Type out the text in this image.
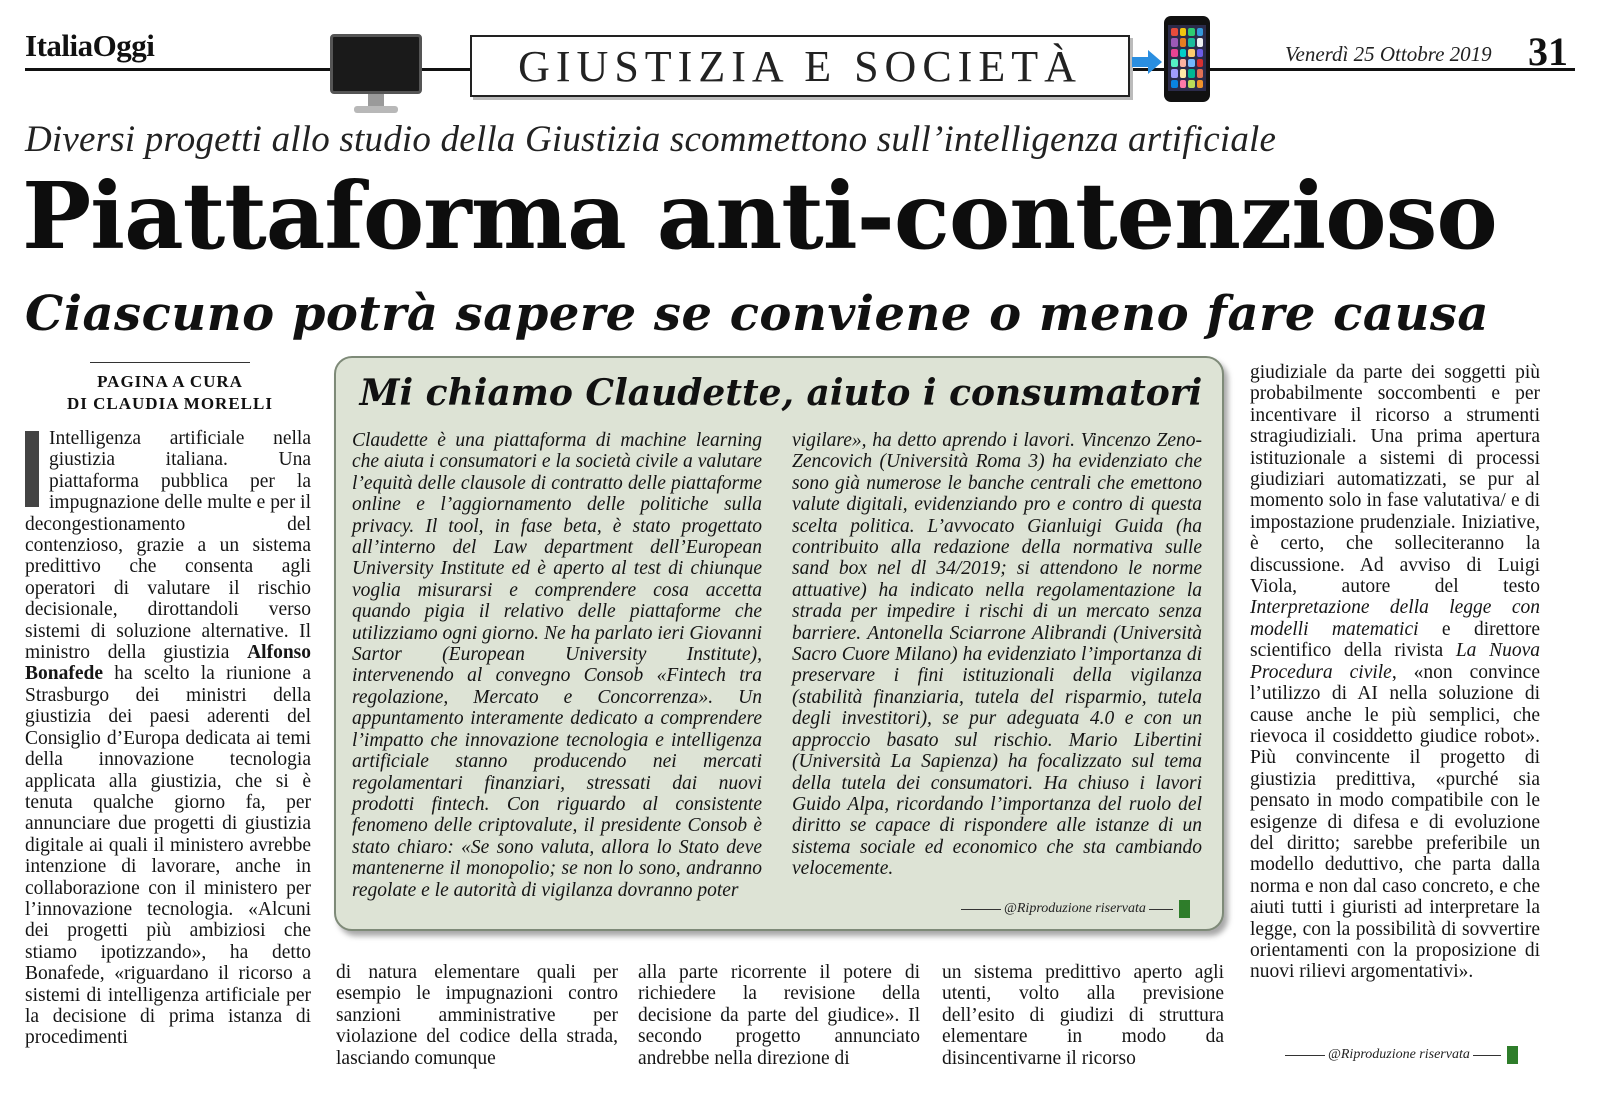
ItaliaOggi	GIUSTIZIA E SOCIETÀ	Venerdì 25 Ottobre 2019 31
Diversi progetti allo studio della Giustizia scommettono sull’intelligenza artificiale
Piattaforma anti-contenzioso
Ciascuno potrà sapere se conviene o meno fare causa
PAGINA A CURA
DI CLAUDIA MORELLI
Intelligenza artificiale nella giustizia italiana. Una piattaforma pubblica per la impugnazione delle multe e per il decongestionamento del contenzioso, grazie a un sistema predittivo che consenta agli operatori di valutare il rischio decisionale, dirottandoli verso sistemi di soluzione alternative. Il ministro della giustizia Alfonso Bonafede ha scelto la riunione a Strasburgo dei ministri della giustizia dei paesi aderenti del Consiglio d’Europa dedicata ai temi della innovazione tecnologia applicata alla giustizia, che si è tenuta qualche giorno fa, per annunciare due progetti di giustizia digitale ai quali il ministero avrebbe intenzione di lavorare, anche in collaborazione con il ministero per l’innovazione tecnologia. «Alcuni dei progetti più ambiziosi che stiamo ipotizzando», ha detto Bonafede, «riguardano il ricorso a sistemi di intelligenza artificiale per la decisione di prima istanza di procedimenti
di natura elementare quali per esempio le impugnazioni contro sanzioni amministrative per violazione del codice della strada, lasciando comunque
alla parte ricorrente il potere di richiedere la revisione della decisione da parte del giudice». Il secondo progetto annunciato andrebbe nella direzione di
un sistema predittivo aperto agli utenti, volto alla previsione dell’esito di giudizi di struttura elementare in modo da disincentivarne il ricorso
giudiziale da parte dei soggetti più probabilmente soccombenti e per incentivare il ricorso a strumenti stragiudiziali. Una prima apertura istituzionale a sistemi di processi giudiziari automatizzati, se pur al momento solo in fase valutativa/ e di impostazione prudenziale. Iniziative, è certo, che solleciteranno la discussione. Ad avviso di Luigi Viola, autore del testo Interpretazione della legge con modelli matematici e direttore scientifico della rivista La Nuova Procedura civile, «non convince l’utilizzo di AI nella soluzione di cause anche le più semplici, che rievoca il cosiddetto giudice robot». Più convincente il progetto di giustizia predittiva, «purché sia pensato in modo compatibile con le esigenze di difesa e di evoluzione del diritto; sarebbe preferibile un modello deduttivo, che parta dalla norma e non dal caso concreto, e che aiuti tutti i giuristi ad interpretare la legge, con la possibilità di sovvertire orientamenti con la proposizione di nuovi rilievi argomentativi».
@Riproduzione riservata
Mi chiamo Claudette, aiuto i consumatori
Claudette è una piattaforma di machine learning che aiuta i consumatori e la società civile a valutare l’equità delle clausole di contratto delle piattaforme online e l’aggiornamento delle politiche sulla privacy. Il tool, in fase beta, è stato progettato all’interno del Law department dell’European University Institute ed è aperto al test di chiunque voglia misurarsi e comprendere cosa accetta quando pigia il relativo delle piattaforme che utilizziamo ogni giorno. Ne ha parlato ieri Giovanni Sartor (European University Institute), intervenendo al convegno Consob «Fintech tra regolazione, Mercato e Concorrenza». Un appuntamento interamente dedicato a comprendere l’impatto che innovazione tecnologia e intelligenza artificiale stanno producendo nei mercati regolamentari finanziari, stressati dai nuovi prodotti fintech. Con riguardo al consistente fenomeno delle criptovalute, il presidente Consob è stato chiaro: «Se sono valuta, allora lo Stato deve mantenerne il monopolio; se non lo sono, andranno regolate e le autorità di vigilanza dovranno poter
vigilare», ha detto aprendo i lavori. Vincenzo Zeno-Zencovich (Università Roma 3) ha evidenziato che sono già numerose le banche centrali che emettono valute digitali, evidenziando pro e contro di questa scelta politica. L’avvocato Gianluigi Guida (ha contribuito alla redazione della normativa sulle sand box nel dl 34/2019; si attendono le norme attuative) ha indicato nella regolamentazione la strada per impedire i rischi di un mercato senza barriere. Antonella Sciarrone Alibrandi (Università Sacro Cuore Milano) ha evidenziato l’importanza di preservare i fini istituzionali della vigilanza (stabilità finanziaria, tutela del risparmio, tutela degli investitori), se pur adeguata 4.0 e con un approccio basato sul rischio. Mario Libertini (Università La Sapienza) ha focalizzato sul tema della tutela dei consumatori. Ha chiuso i lavori Guido Alpa, ricordando l’importanza del ruolo del diritto se capace di rispondere alle istanze di un sistema sociale ed economico che sta cambiando velocemente.
@Riproduzione riservata
